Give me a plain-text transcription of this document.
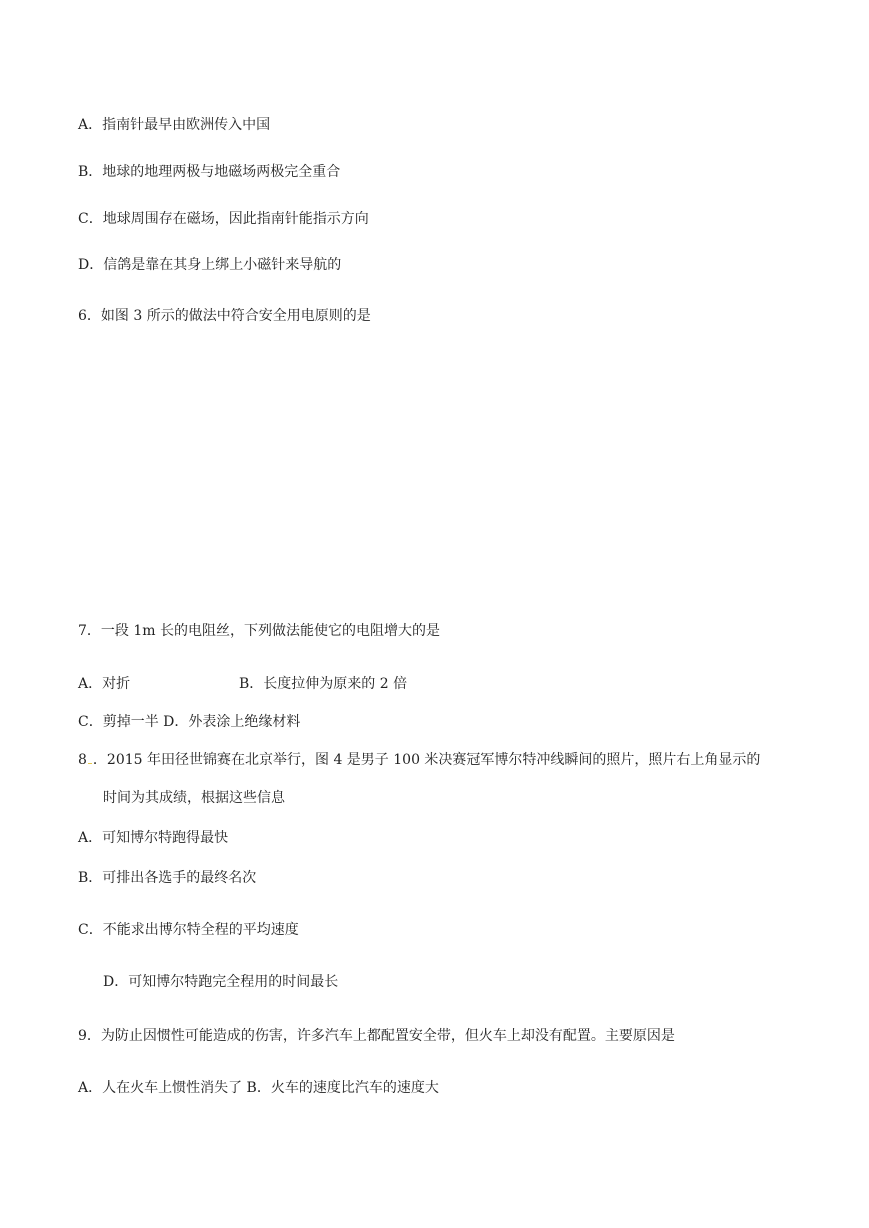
A．指南针最早由欧洲传入中国
B．地球的地理两极与地磁场两极完全重合
C．地球周围存在磁场，因此指南针能指示方向
D．信鸽是靠在其身上绑上小磁针来导航的
6．如图 3 所示的做法中符合安全用电原则的是
7．一段 1m 长的电阻丝，下列做法能使它的电阻增大的是
A．对折	B．长度拉伸为原来的 2 倍
C．剪掉一半 D．外表涂上绝缘材料
8 ．2015 年田径世锦赛在北京举行，图 4 是男子 100 米决赛冠军博尔特冲线瞬间的照片，照片右上角显示的
时间为其成绩，根据这些信息
A．可知博尔特跑得最快
B．可排出各选手的最终名次
C．不能求出博尔特全程的平均速度
D．可知博尔特跑完全程用的时间最长
9．为防止因惯性可能造成的伤害，许多汽车上都配置安全带，但火车上却没有配置。主要原因是
A．人在火车上惯性消失了 B．火车的速度比汽车的速度大
